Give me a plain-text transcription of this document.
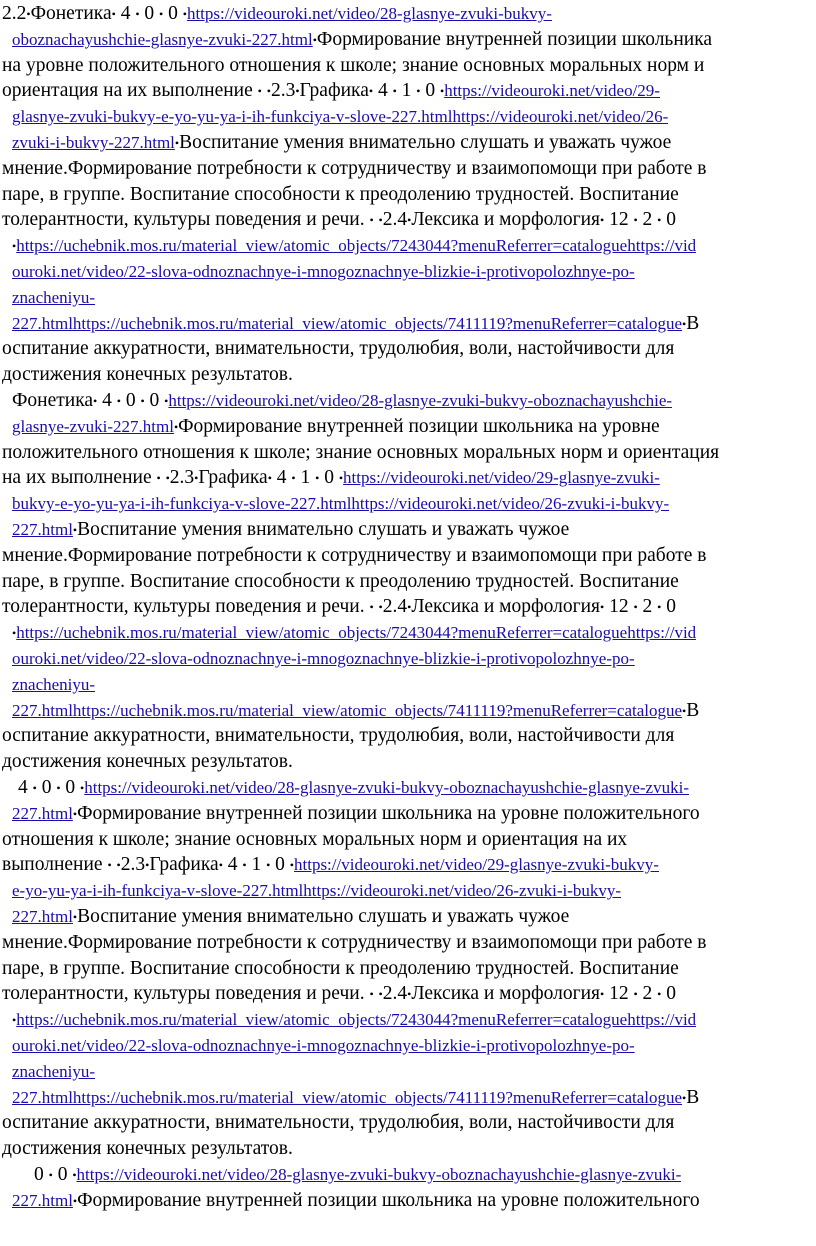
2.2•Фонетика• 4 • 0 • 0 •https://videouroki.net/video/28-glasnye-zvuki-bukvy-
oboznachayushchie-glasnye-zvuki-227.html•Формирование внутренней позиции школьника
на уровне положительного отношения к школе; знание основных моральных норм и
ориентация на их выполнение • •2.3•Графика• 4 • 1 • 0 •https://videouroki.net/video/29-
glasnye-zvuki-bukvy-e-yo-yu-ya-i-ih-funkciya-v-slove-227.htmlhttps://videouroki.net/video/26-
zvuki-i-bukvy-227.html•Воспитание умения внимательно слушать и уважать чужое
мнение.Формирование потребности к сотрудничеству и взаимопомощи при работе в
паре, в группе. Воспитание способности к преодолению трудностей. Воспитание
толерантности, культуры поведения и речи. • •2.4•Лексика и морфология• 12 • 2 • 0
•https://uchebnik.mos.ru/material_view/atomic_objects/7243044?menuReferrer=cataloguehttps://vid
ouroki.net/video/22-slova-odnoznachnye-i-mnogoznachnye-blizkie-i-protivopolozhnye-po-
znacheniyu-
227.htmlhttps://uchebnik.mos.ru/material_view/atomic_objects/7411119?menuReferrer=catalogue•В
оспитание аккуратности, внимательности, трудолюбия, воли, настойчивости для
достижения конечных результатов.
Фонетика• 4 • 0 • 0 •https://videouroki.net/video/28-glasnye-zvuki-bukvy-oboznachayushchie-
glasnye-zvuki-227.html•Формирование внутренней позиции школьника на уровне
положительного отношения к школе; знание основных моральных норм и ориентация
на их выполнение • •2.3•Графика• 4 • 1 • 0 •https://videouroki.net/video/29-glasnye-zvuki-
bukvy-e-yo-yu-ya-i-ih-funkciya-v-slove-227.htmlhttps://videouroki.net/video/26-zvuki-i-bukvy-
227.html•Воспитание умения внимательно слушать и уважать чужое
мнение.Формирование потребности к сотрудничеству и взаимопомощи при работе в
паре, в группе. Воспитание способности к преодолению трудностей. Воспитание
толерантности, культуры поведения и речи. • •2.4•Лексика и морфология• 12 • 2 • 0
•https://uchebnik.mos.ru/material_view/atomic_objects/7243044?menuReferrer=cataloguehttps://vid
ouroki.net/video/22-slova-odnoznachnye-i-mnogoznachnye-blizkie-i-protivopolozhnye-po-
znacheniyu-
227.htmlhttps://uchebnik.mos.ru/material_view/atomic_objects/7411119?menuReferrer=catalogue•В
оспитание аккуратности, внимательности, трудолюбия, воли, настойчивости для
достижения конечных результатов.
4 • 0 • 0 •https://videouroki.net/video/28-glasnye-zvuki-bukvy-oboznachayushchie-glasnye-zvuki-
227.html•Формирование внутренней позиции школьника на уровне положительного
отношения к школе; знание основных моральных норм и ориентация на их
выполнение • •2.3•Графика• 4 • 1 • 0 •https://videouroki.net/video/29-glasnye-zvuki-bukvy-
e-yo-yu-ya-i-ih-funkciya-v-slove-227.htmlhttps://videouroki.net/video/26-zvuki-i-bukvy-
227.html•Воспитание умения внимательно слушать и уважать чужое
мнение.Формирование потребности к сотрудничеству и взаимопомощи при работе в
паре, в группе. Воспитание способности к преодолению трудностей. Воспитание
толерантности, культуры поведения и речи. • •2.4•Лексика и морфология• 12 • 2 • 0
•https://uchebnik.mos.ru/material_view/atomic_objects/7243044?menuReferrer=cataloguehttps://vid
ouroki.net/video/22-slova-odnoznachnye-i-mnogoznachnye-blizkie-i-protivopolozhnye-po-
znacheniyu-
227.htmlhttps://uchebnik.mos.ru/material_view/atomic_objects/7411119?menuReferrer=catalogue•В
оспитание аккуратности, внимательности, трудолюбия, воли, настойчивости для
достижения конечных результатов.
0 • 0 •https://videouroki.net/video/28-glasnye-zvuki-bukvy-oboznachayushchie-glasnye-zvuki-
227.html•Формирование внутренней позиции школьника на уровне положительного
